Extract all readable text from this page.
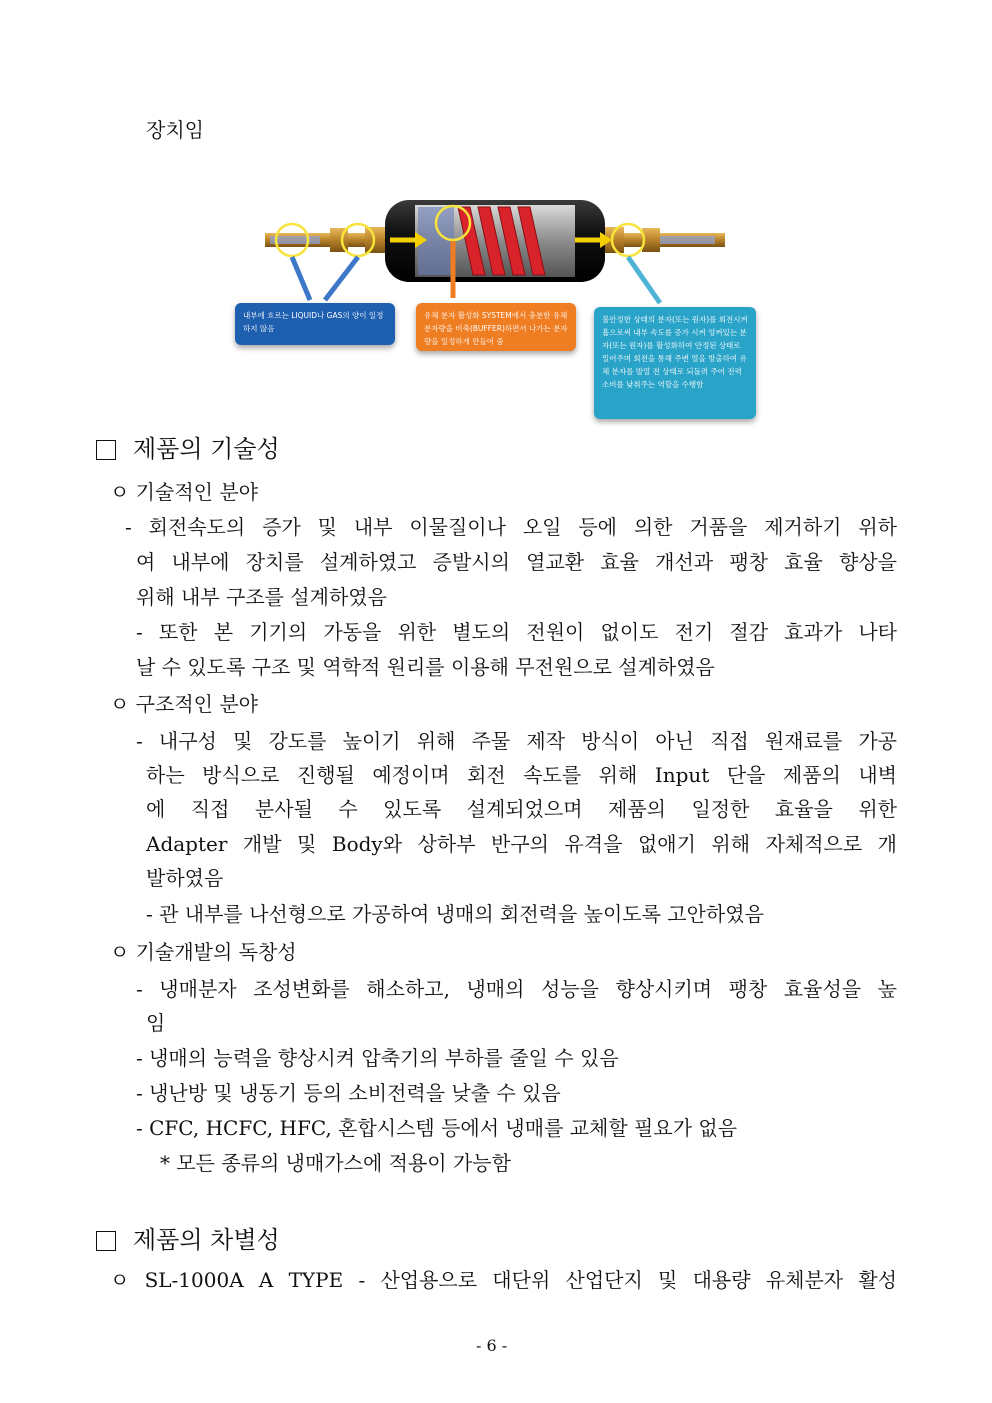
장치임
내부에 흐르는 LIQUID나 GAS의 양이 일정하지 않음
유체 분자 활성화 SYSTEM에서 충분한 유체 분자량을 비축(BUFFER)하면서 나가는 분자량을 일정하게 만들어 줌
불안정한 상태의 분자(또는 원자)를 회전시켜 흡으로써 내부 속도를 증가 시켜 엉켜있는 분자(또는 원자)를 활성화하여 안정된 상태로 밀어주며 회전을 통해 주변 열을 방출하여 유체 분자를 발열 전 상태로 되돌려 주어 전력 소비를 낮춰주는 역할을 수행함
제품의 기술성
ㅇ 기술적인 분야
- 회전속도의 증가 및 내부 이물질이나 오일 등에 의한 거품을 제거하기 위하
여 내부에 장치를 설계하였고 증발시의 열교환 효율 개선과 팽창 효율 향상을
위해 내부 구조를 설계하였음
- 또한 본 기기의 가동을 위한 별도의 전원이 없이도 전기 절감 효과가 나타
날 수 있도록 구조 및 역학적 원리를 이용해 무전원으로 설계하였음
ㅇ 구조적인 분야
- 내구성 및 강도를 높이기 위해 주물 제작 방식이 아닌 직접 원재료를 가공
하는 방식으로 진행될 예정이며 회전 속도를 위해 Input 단을 제품의 내벽
에 직접 분사될 수 있도록 설계되었으며 제품의 일정한 효율을 위한
Adapter 개발 및 Body와 상하부 반구의 유격을 없애기 위해 자체적으로 개
발하였음
- 관 내부를 나선형으로 가공하여 냉매의 회전력을 높이도록 고안하였음
ㅇ 기술개발의 독창성
- 냉매분자 조성변화를 해소하고, 냉매의 성능을 향상시키며 팽창 효율성을 높
임
- 냉매의 능력을 향상시켜 압축기의 부하를 줄일 수 있음
- 냉난방 및 냉동기 등의 소비전력을 낮출 수 있음
- CFC, HCFC, HFC, 혼합시스템 등에서 냉매를 교체할 필요가 없음
* 모든 종류의 냉매가스에 적용이 가능함
제품의 차별성
ㅇ SL-1000A A TYPE - 산업용으로 대단위 산업단지 및 대용량 유체분자 활성
- 6 -
